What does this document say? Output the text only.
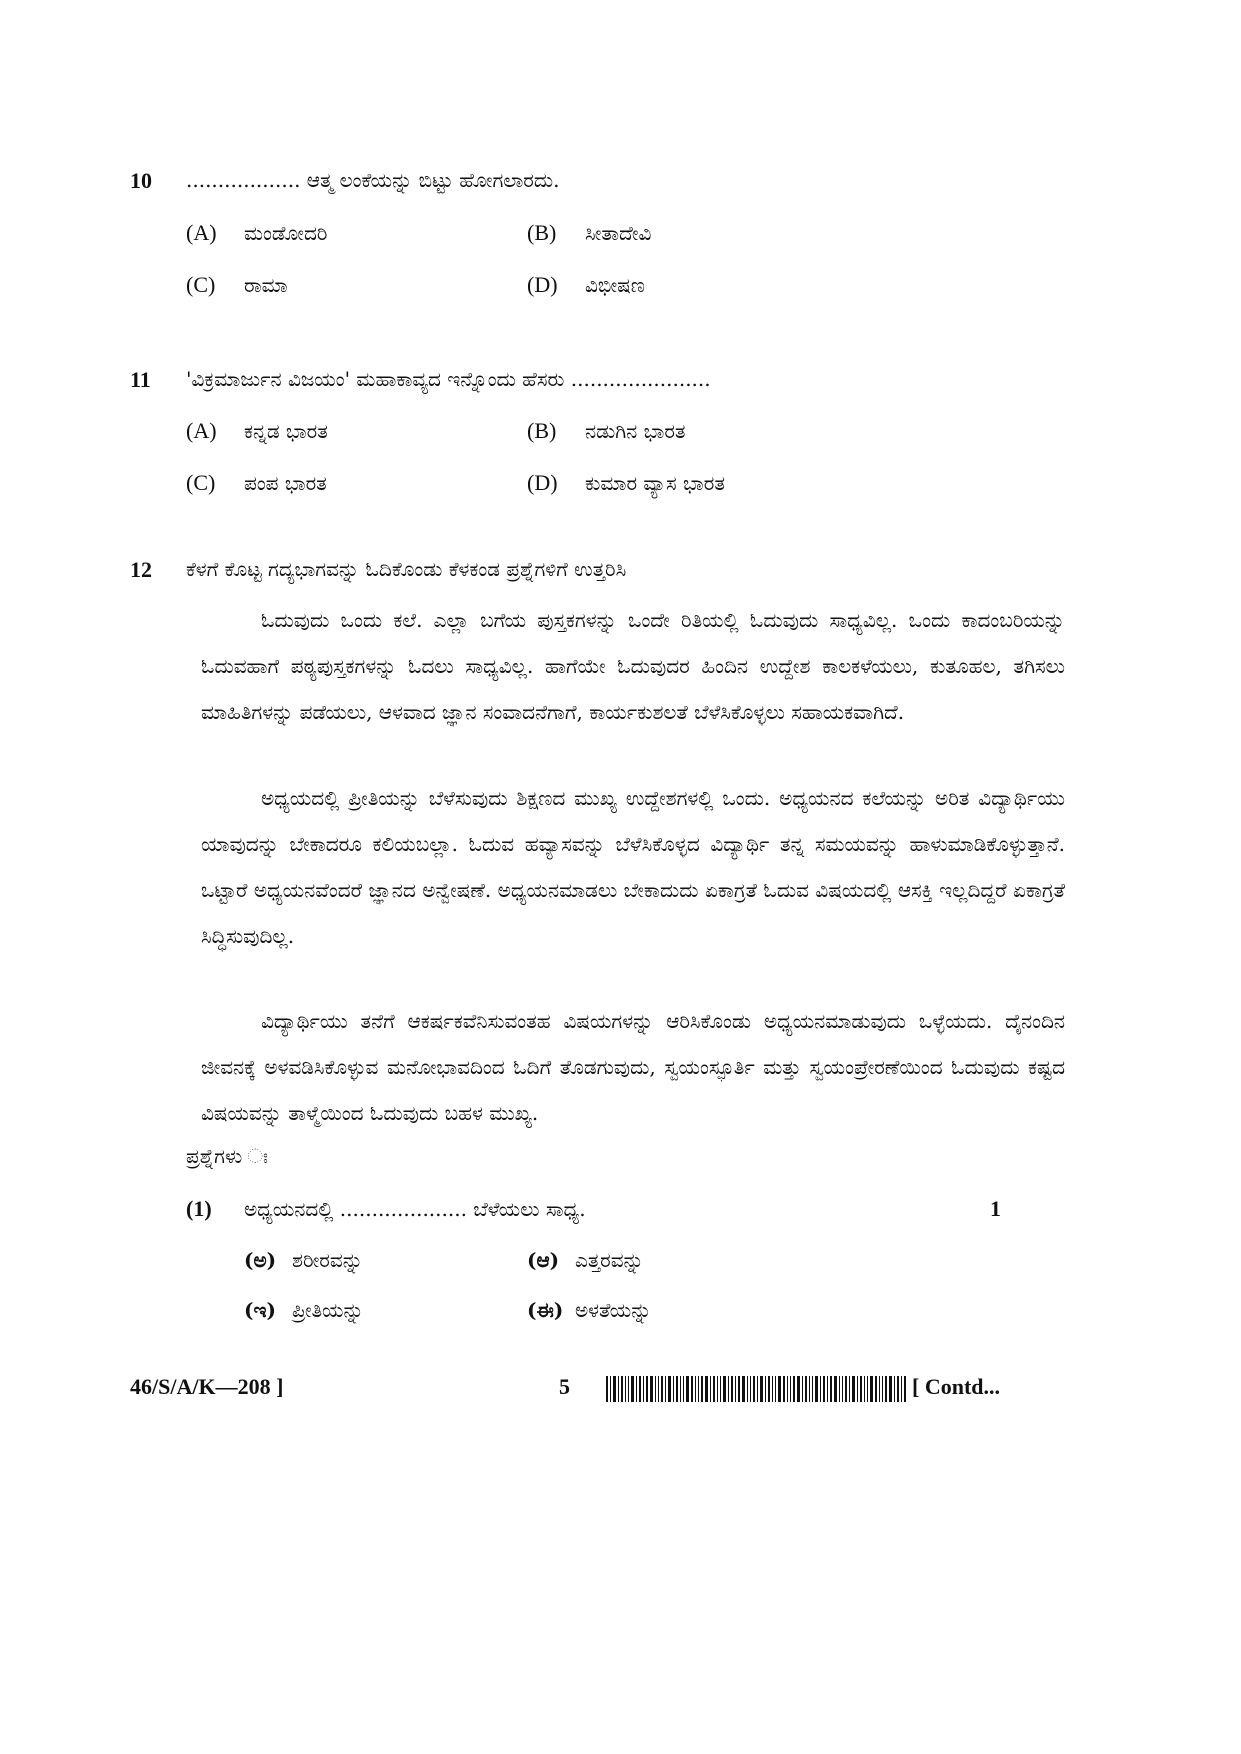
10 .................. ಆತ್ಮ ಲಂಕೆಯನ್ನು ಬಿಟ್ಟು ಹೋಗಲಾರದು.
(A) ಮಂಡೋದರಿ	(B) ಸೀತಾದೇವಿ
(C) ರಾಮಾ	(D) ವಿಭೀಷಣ
11 'ವಿಕ್ರಮಾರ್ಜುನ ವಿಜಯಂ' ಮಹಾಕಾವ್ಯದ ಇನ್ನೊಂದು ಹೆಸರು ......................
(A) ಕನ್ನಡ ಭಾರತ	(B) ನಡುಗಿನ ಭಾರತ
(C) ಪಂಪ ಭಾರತ	(D) ಕುಮಾರ ವ್ಯಾಸ ಭಾರತ
12 ಕೆಳಗೆ ಕೊಟ್ಟ ಗದ್ಯಭಾಗವನ್ನು ಓದಿಕೊಂಡು ಕೆಳಕಂಡ ಪ್ರಶ್ನೆಗಳಿಗೆ ಉತ್ತರಿಸಿ

ಓದುವುದು ಒಂದು ಕಲೆ. ಎಲ್ಲಾ ಬಗೆಯ ಪುಸ್ತಕಗಳನ್ನು ಒಂದೇ ರಿತಿಯಲ್ಲಿ ಓದುವುದು ಸಾಧ್ಯವಿಲ್ಲ. ಒಂದು ಕಾದಂಬರಿಯನ್ನು ಓದುವಹಾಗೆ ಪಠ್ಯಪುಸ್ತಕಗಳನ್ನು ಓದಲು ಸಾಧ್ಯವಿಲ್ಲ. ಹಾಗೆಯೇ ಓದುವುದರ ಹಿಂದಿನ ಉದ್ದೇಶ ಕಾಲಕಳೆಯಲು, ಕುತೂಹಲ, ತಗಿಸಲು ಮಾಹಿತಿಗಳನ್ನು ಪಡೆಯಲು, ಆಳವಾದ ಜ್ಞಾನ ಸಂವಾದನೆಗಾಗೆ, ಕಾರ್ಯಕುಶಲತೆ ಬೆಳೆಸಿಕೊಳ್ಳಲು ಸಹಾಯಕವಾಗಿದೆ.

ಅಧ್ಯಯದಲ್ಲಿ ಪ್ರೀತಿಯನ್ನು ಬೆಳೆಸುವುದು ಶಿಕ್ಷಣದ ಮುಖ್ಯ ಉದ್ದೇಶಗಳಲ್ಲಿ ಒಂದು. ಅಧ್ಯಯನದ ಕಲೆಯನ್ನು ಅರಿತ ವಿದ್ಯಾರ್ಥಿಯು ಯಾವುದನ್ನು ಬೇಕಾದರೂ ಕಲಿಯಬಲ್ಲಾ. ಓದುವ ಹವ್ಯಾಸವನ್ನು ಬೆಳೆಸಿಕೊಳ್ಳದ ವಿದ್ಯಾರ್ಥಿ ತನ್ನ ಸಮಯವನ್ನು ಹಾಳುಮಾಡಿಕೊಳ್ಳುತ್ತಾನೆ. ಒಟ್ಟಾರೆ ಅಧ್ಯಯನವೆಂದರೆ ಜ್ಞಾನದ ಅನ್ವೇಷಣೆ. ಅಧ್ಯಯನಮಾಡಲು ಬೇಕಾದುದು ಏಕಾಗ್ರತೆ ಓದುವ ವಿಷಯದಲ್ಲಿ ಆಸಕ್ತಿ ಇಲ್ಲದಿದ್ದರೆ ಏಕಾಗ್ರತೆ ಸಿದ್ಧಿಸುವುದಿಲ್ಲ.

ವಿದ್ಯಾರ್ಥಿಯು ತನೆಗೆ ಆಕರ್ಷಕವೆನಿಸುವಂತಹ ವಿಷಯಗಳನ್ನು ಆರಿಸಿಕೊಂಡು ಅಧ್ಯಯನಮಾಡುವುದು ಒಳ್ಳೆಯದು. ದೈನಂದಿನ ಜೀವನಕ್ಕೆ ಅಳವಡಿಸಿಕೊಳ್ಳುವ ಮನೋಭಾವದಿಂದ ಓದಿಗೆ ತೊಡಗುವುದು, ಸ್ವಯಂಸ್ಫೂರ್ತಿ ಮತ್ತು ಸ್ವಯಂಪ್ರೇರಣೆಯಿಂದ ಓದುವುದು ಕಷ್ಟದ ವಿಷಯವನ್ನು ತಾಳ್ಮೆಯಿಂದ ಓದುವುದು ಬಹಳ ಮುಖ್ಯ.

ಪ್ರಶ್ನೆಗಳು ಃ
(1) ಅಧ್ಯಯನದಲ್ಲಿ .................... ಬೆಳೆಯಲು ಸಾಧ್ಯ.	1
(ಅ) ಶರೀರವನ್ನು	(ಆ) ಎತ್ತರವನ್ನು
(ಇ) ಪ್ರೀತಿಯನ್ನು	(ಈ) ಅಳತೆಯನ್ನು
46/S/A/K—208 ]	5	[ Contd...
